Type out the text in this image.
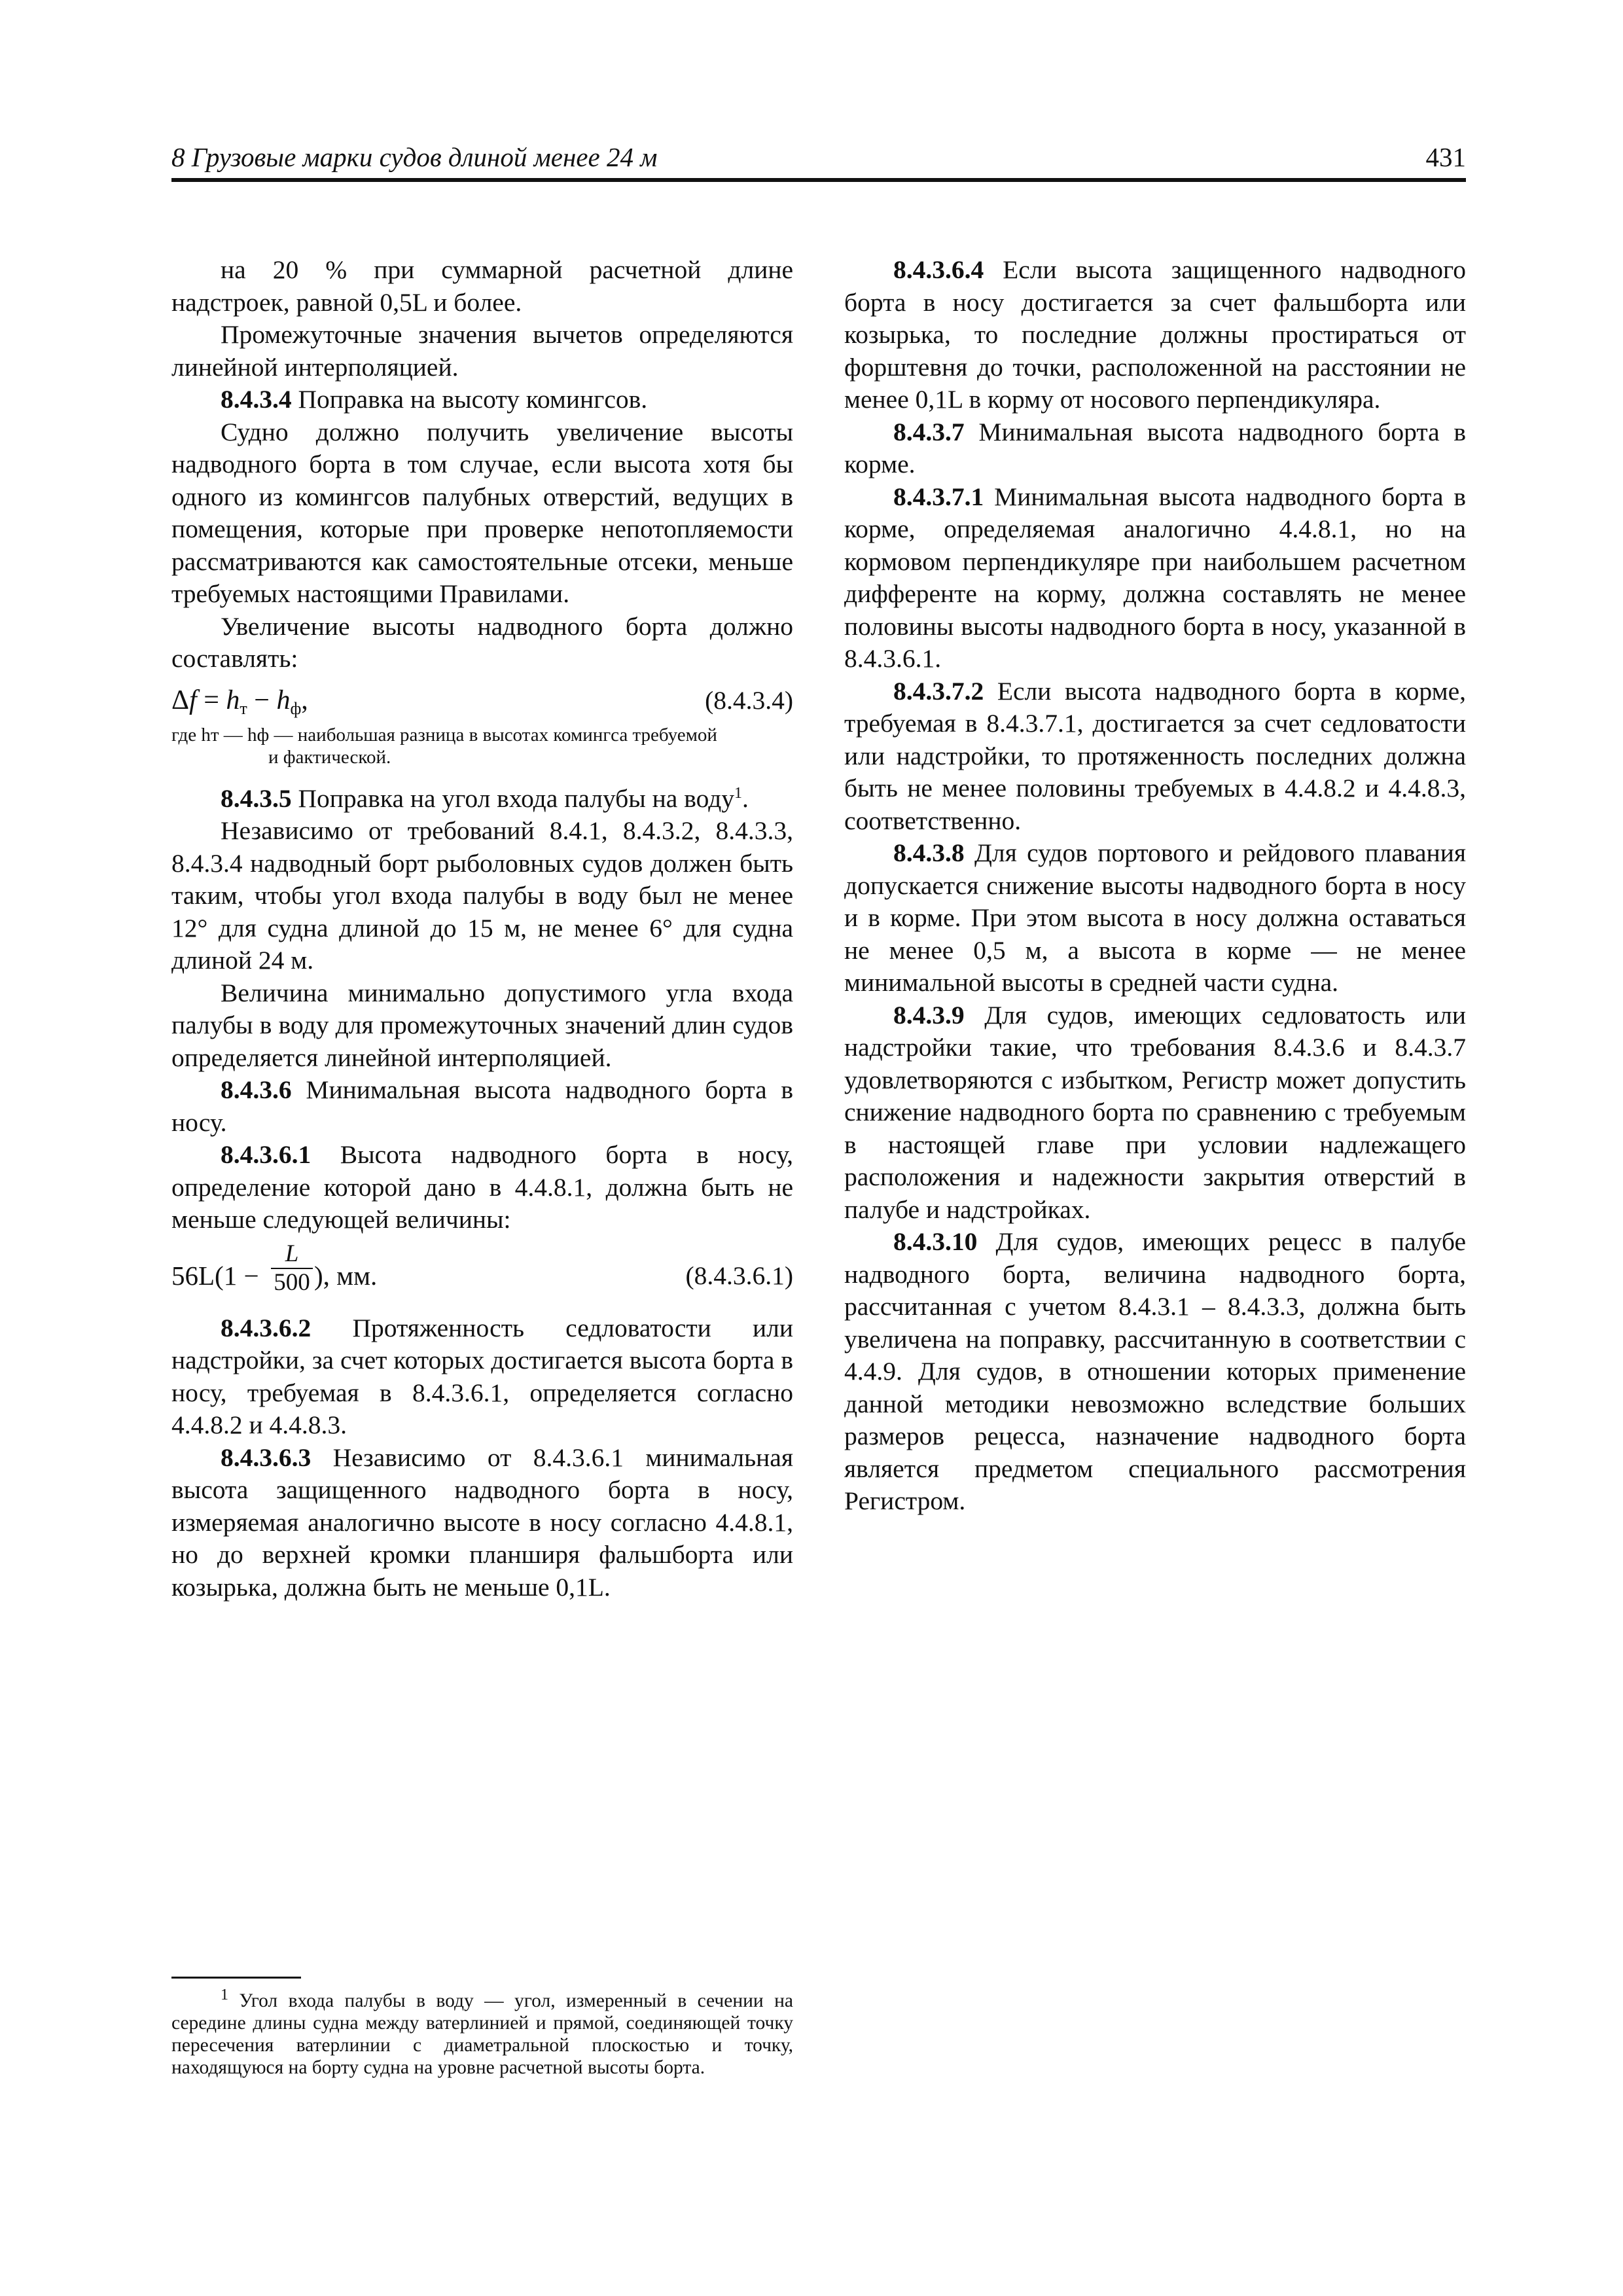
8 Грузовые марки судов длиной менее 24 м	431

на 20 % при суммарной расчетной длине надстроек, равной 0,5L и более.

Промежуточные значения вычетов определяются линейной интерполяцией.

8.4.3.4 Поправка на высоту комингсов.

Судно должно получить увеличение высоты надводного борта в том случае, если высота хотя бы одного из комингсов палубных отверстий, ведущих в помещения, которые при проверке непотопляемости рассматриваются как самостоятельные отсеки, меньше требуемых настоящими Правилами.

Увеличение высоты надводного борта должно составлять:

$\Delta f = h_т - h_ф$,	(8.4.3.4)
где hт — hф — наибольшая разница в высотах комингса требуемой
и фактической.

8.4.3.5 Поправка на угол входа палубы на воду$^1$.

Независимо от требований 8.4.1, 8.4.3.2, 8.4.3.3, 8.4.3.4 надводный борт рыболовных судов должен быть таким, чтобы угол входа палубы в воду был не менее 12° для судна длиной до 15 м, не менее 6° для судна длиной 24 м.

Величина минимально допустимого угла входа палубы в воду для промежуточных значений длин судов определяется линейной интерполяцией.

8.4.3.6 Минимальная высота надводного борта в носу.

8.4.3.6.1 Высота надводного борта в носу, определение которой дано в 4.4.8.1, должна быть не меньше следующей величины:

$56L(1 - \frac{L}{500}$ ), мм.	(8.4.3.6.1)

8.4.3.6.2 Протяженность седловатости или надстройки, за счет которых достигается высота борта в носу, требуемая в 8.4.3.6.1, определяется согласно 4.4.8.2 и 4.4.8.3.

8.4.3.6.3 Независимо от 8.4.3.6.1 минимальная высота защищенного надводного борта в носу, измеряемая аналогично высоте в носу согласно 4.4.8.1, но до верхней кромки планширя фальшборта или козырька, должна быть не меньше 0,1L.

8.4.3.6.4 Если высота защищенного надводного борта в носу достигается за счет фальшборта или козырька, то последние должны простираться от форштевня до точки, расположенной на расстоянии не менее 0,1L в корму от носового перпендикуляра.

8.4.3.7 Минимальная высота надводного борта в корме.

8.4.3.7.1 Минимальная высота надводного борта в корме, определяемая аналогично 4.4.8.1, но на кормовом перпендикуляре при наибольшем расчетном дифференте на корму, должна составлять не менее половины высоты надводного борта в носу, указанной в 8.4.3.6.1.

8.4.3.7.2 Если высота надводного борта в корме, требуемая в 8.4.3.7.1, достигается за счет седловатости или надстройки, то протяженность последних должна быть не менее половины требуемых в 4.4.8.2 и 4.4.8.3, соответственно.

8.4.3.8 Для судов портового и рейдового плавания допускается снижение высоты надводного борта в носу и в корме. При этом высота в носу должна оставаться не менее 0,5 м, а высота в корме — не менее минимальной высоты в средней части судна.

8.4.3.9 Для судов, имеющих седловатость или надстройки такие, что требования 8.4.3.6 и 8.4.3.7 удовлетворяются с избытком, Регистр может допустить снижение надводного борта по сравнению с требуемым в настоящей главе при условии надлежащего расположения и надежности закрытия отверстий в палубе и надстройках.

8.4.3.10 Для судов, имеющих рецесс в палубе надводного борта, величина надводного борта, рассчитанная с учетом 8.4.3.1 – 8.4.3.3, должна быть увеличена на поправку, рассчитанную в соответствии с 4.4.9. Для судов, в отношении которых применение данной методики невозможно вследствие больших размеров рецесса, назначение надводного борта является предметом специального рассмотрения Регистром.

$^1$ Угол входа палубы в воду — угол, измеренный в сечении на середине длины судна между ватерлинией и прямой, соединяющей точку пересечения ватерлинии с диаметральной плоскостью и точку, находящуюся на борту судна на уровне расчетной высоты борта.
